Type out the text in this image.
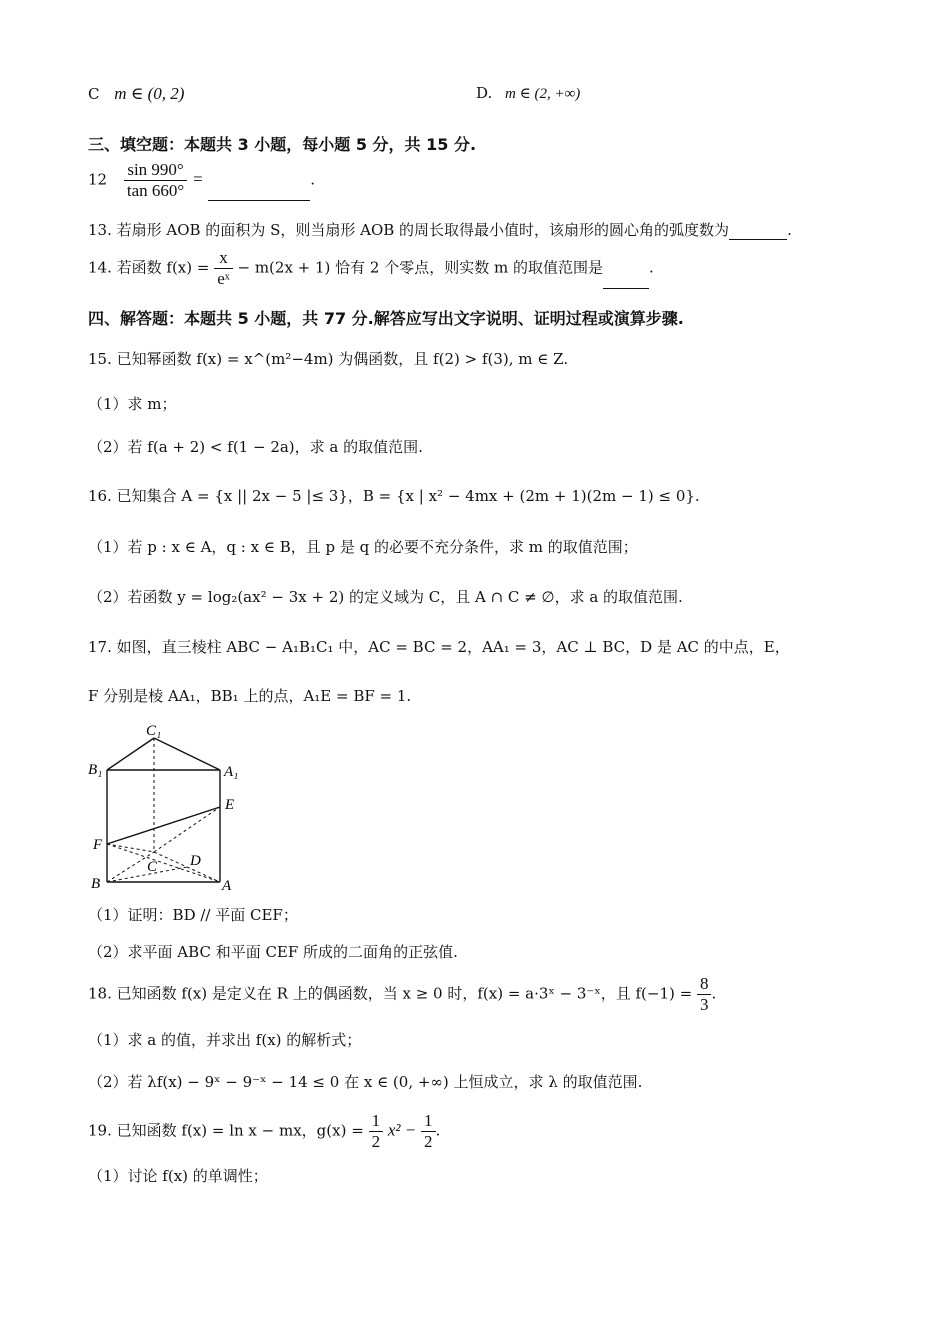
C m ∈ (0, 2)	D. m ∈ (2, +∞)
三、填空题：本题共 3 小题，每小题 5 分，共 15 分.
$12 \frac{\sin 990^\circ}{\tan 660^\circ}$ =	.
13. 若扇形 AOB 的面积为 S，则当扇形 AOB 的周长取得最小值时，该扇形的圆心角的弧度数为	.
14. 若函数 $f(x) = \frac{x}{\text{eˣ}} - m(2x + 1)$ 恰有 2 个零点，则实数 m 的取值范围是	.
四、解答题：本题共 5 小题，共 77 分.解答应写出文字说明、证明过程或演算步骤.
15. 已知幂函数 f(x) = x^(m²−4m) 为偶函数，且 f(2) > f(3), m ∈ Z.
（1）求 m；
（2）若 f(a + 2) < f(1 − 2a)，求 a 的取值范围.
16. 已知集合 A = {x || 2x − 5 |≤ 3}，B = {x | x² − 4mx + (2m + 1)(2m − 1) ≤ 0}.
（1）若 p : x ∈ A，q : x ∈ B，且 p 是 q 的必要不充分条件，求 m 的取值范围；
（2）若函数 y = log₂(ax² − 3x + 2) 的定义域为 C，且 A ∩ C ≠ ∅，求 a 的取值范围.
17. 如图，直三棱柱 ABC − A₁B₁C₁ 中，AC = BC = 2，AA₁ = 3，AC ⊥ BC，D 是 AC 的中点，E，
F 分别是棱 AA₁，BB₁ 上的点，A₁E = BF = 1.
C₁
B₁	A₁
E
F
C D
B	A
（1）证明：BD // 平面 CEF；
（2）求平面 ABC 和平面 CEF 所成的二面角的正弦值.
18. 已知函数 f(x) 是定义在 R 上的偶函数，当 x ≥ 0 时，f(x) = a·3ˣ − 3⁻ˣ，且 $f(-1) = \frac{8}{3}$ .
（1）求 a 的值，并求出 f(x) 的解析式；
（2）若 λf(x) − 9ˣ − 9⁻ˣ − 14 ≤ 0 在 x ∈ (0, +∞) 上恒成立，求 λ 的取值范围.
19. 已知函数 f(x) = ln x − mx，$g(x) = \frac{1}{2} x^2 - \frac{1}{2}$ .
（1）讨论 f(x) 的单调性；
